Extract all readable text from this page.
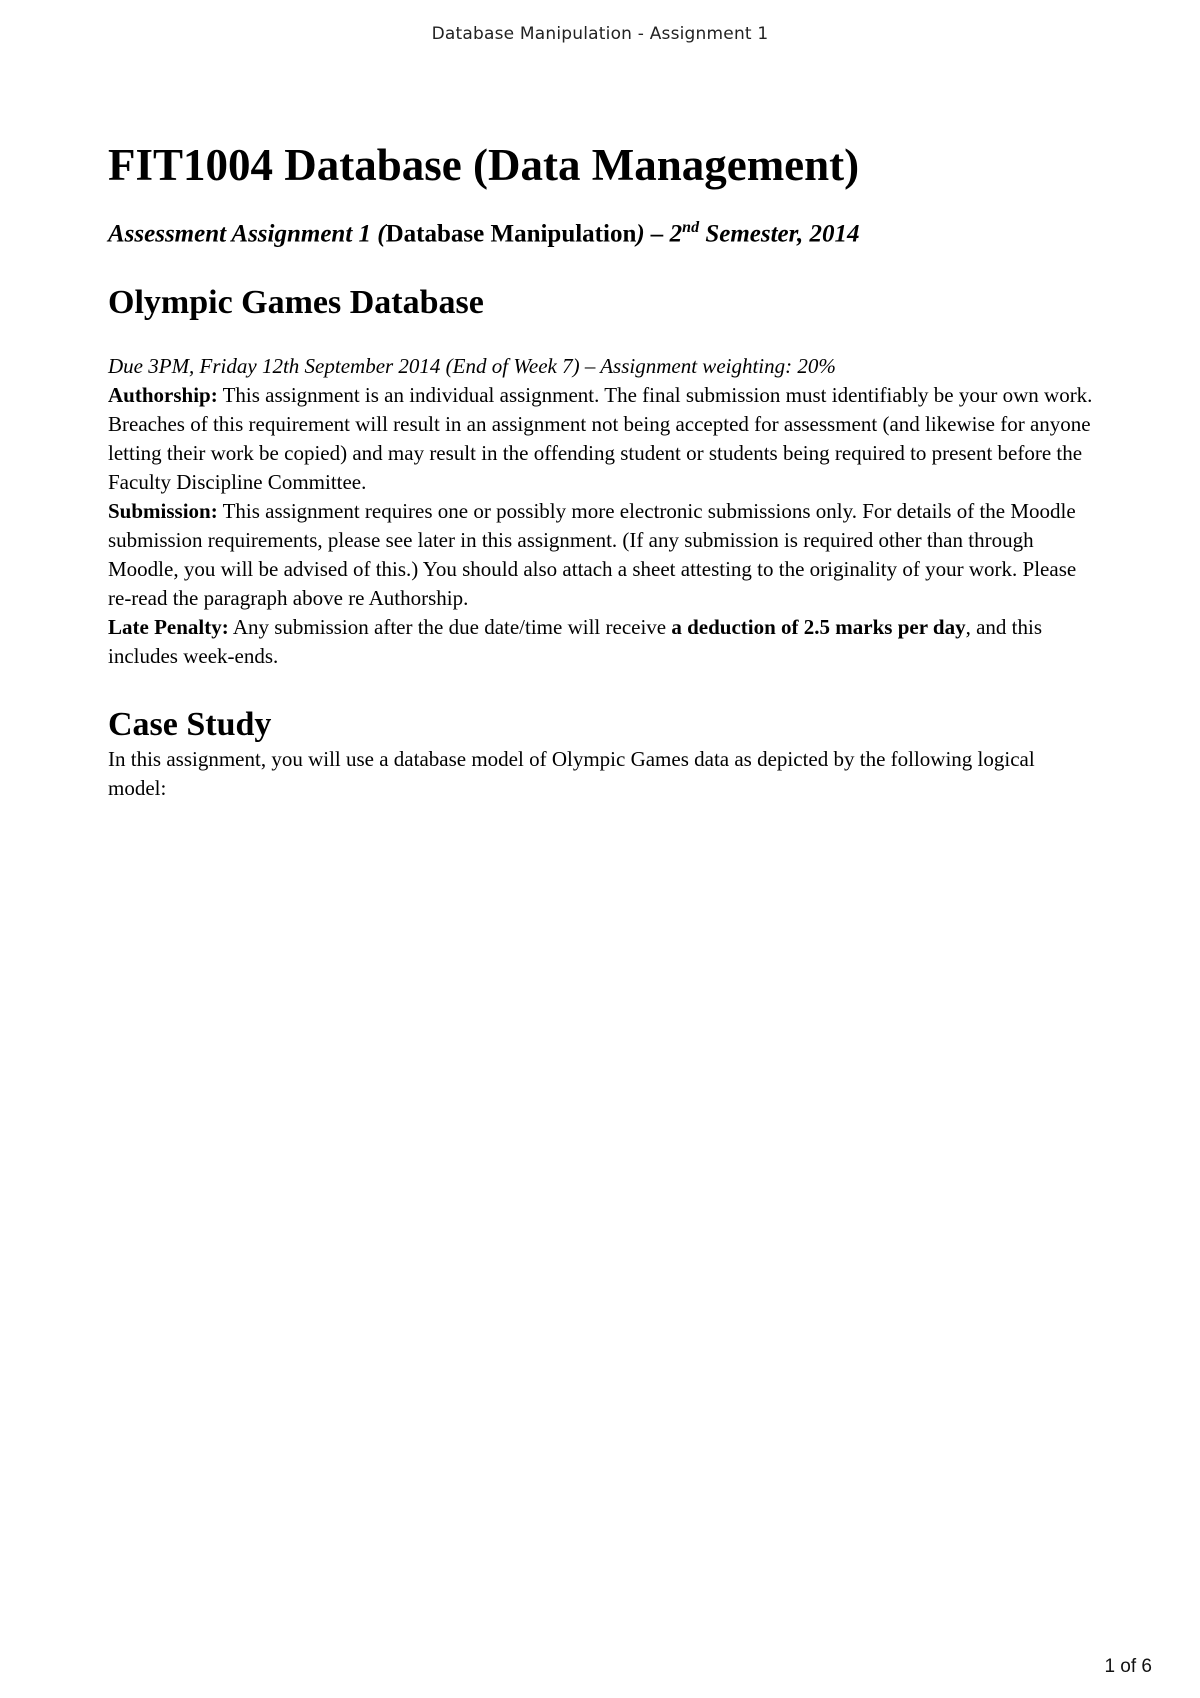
Database Manipulation - Assignment 1
FIT1004 Database (Data Management)
Assessment Assignment 1 (Database Manipulation) – 2nd Semester, 2014
Olympic Games Database

Due 3PM, Friday 12th September 2014 (End of Week 7) – Assignment weighting: 20%

Authorship: This assignment is an individual assignment. The final submission must identifiably be your own work. Breaches of this requirement will result in an assignment not being accepted for assessment (and likewise for anyone letting their work be copied) and may result in the offending student or students being required to present before the Faculty Discipline Committee.

Submission: This assignment requires one or possibly more electronic submissions only. For details of the Moodle submission requirements, please see later in this assignment. (If any submission is required other than through Moodle, you will be advised of this.) You should also attach a sheet attesting to the originality of your work. Please re-read the paragraph above re Authorship.

Late Penalty: Any submission after the due date/time will receive a deduction of 2.5 marks per day, and this includes week-ends.

Case Study

In this assignment, you will use a database model of Olympic Games data as depicted by the following logical model:

1 of 6
